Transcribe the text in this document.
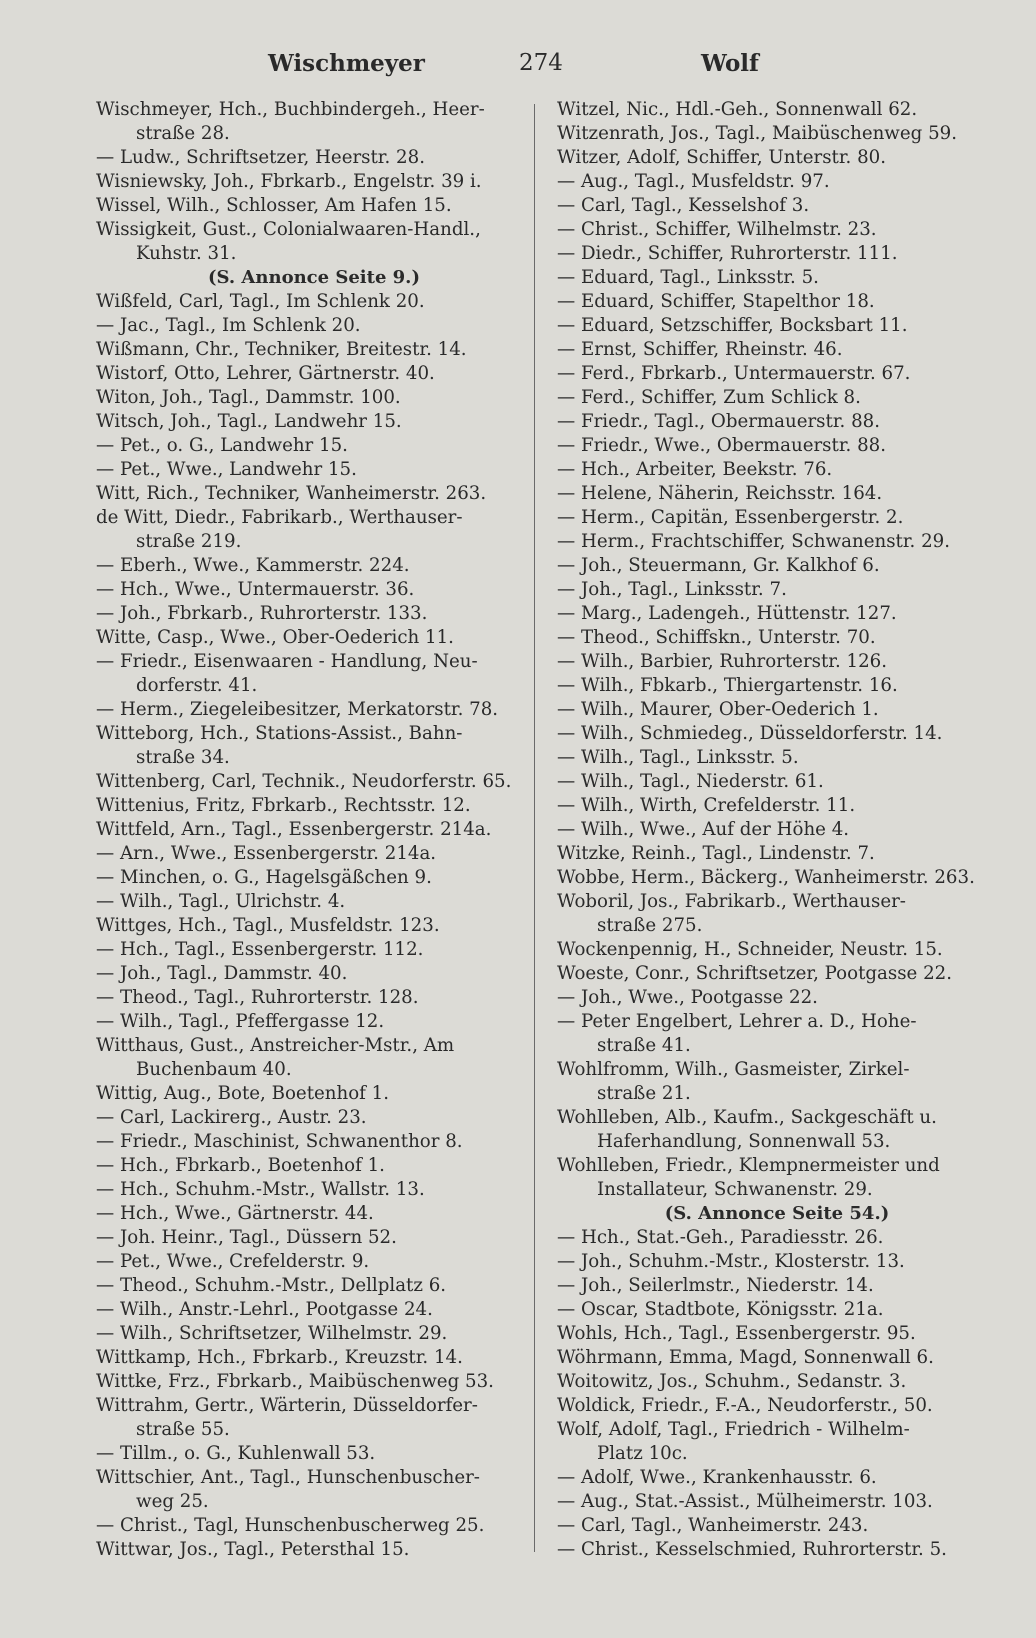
Wischmeyer	274	Wolf
Wischmeyer, Hch., Buchbindergeh., Heer-
straße 28.
— Ludw., Schriftsetzer, Heerstr. 28.
Wisniewsky, Joh., Fbrkarb., Engelstr. 39 i.
Wissel, Wilh., Schlosser, Am Hafen 15.
Wissigkeit, Gust., Colonialwaaren-Handl.,
Kuhstr. 31.
(S. Annonce Seite 9.)
Wißfeld, Carl, Tagl., Im Schlenk 20.
— Jac., Tagl., Im Schlenk 20.
Wißmann, Chr., Techniker, Breitestr. 14.
Wistorf, Otto, Lehrer, Gärtnerstr. 40.
Witon, Joh., Tagl., Dammstr. 100.
Witsch, Joh., Tagl., Landwehr 15.
— Pet., o. G., Landwehr 15.
— Pet., Wwe., Landwehr 15.
Witt, Rich., Techniker, Wanheimerstr. 263.
de Witt, Diedr., Fabrikarb., Werthauser-
straße 219.
— Eberh., Wwe., Kammerstr. 224.
— Hch., Wwe., Untermauerstr. 36.
— Joh., Fbrkarb., Ruhrorterstr. 133.
Witte, Casp., Wwe., Ober-Oederich 11.
— Friedr., Eisenwaaren - Handlung, Neu-
dorferstr. 41.
— Herm., Ziegeleibesitzer, Merkatorstr. 78.
Witteborg, Hch., Stations-Assist., Bahn-
straße 34.
Wittenberg, Carl, Technik., Neudorferstr. 65.
Wittenius, Fritz, Fbrkarb., Rechtsstr. 12.
Wittfeld, Arn., Tagl., Essenbergerstr. 214a.
— Arn., Wwe., Essenbergerstr. 214a.
— Minchen, o. G., Hagelsgäßchen 9.
— Wilh., Tagl., Ulrichstr. 4.
Wittges, Hch., Tagl., Musfeldstr. 123.
— Hch., Tagl., Essenbergerstr. 112.
— Joh., Tagl., Dammstr. 40.
— Theod., Tagl., Ruhrorterstr. 128.
— Wilh., Tagl., Pfeffergasse 12.
Witthaus, Gust., Anstreicher-Mstr., Am
Buchenbaum 40.
Wittig, Aug., Bote, Boetenhof 1.
— Carl, Lackirerg., Austr. 23.
— Friedr., Maschinist, Schwanenthor 8.
— Hch., Fbrkarb., Boetenhof 1.
— Hch., Schuhm.-Mstr., Wallstr. 13.
— Hch., Wwe., Gärtnerstr. 44.
— Joh. Heinr., Tagl., Düssern 52.
— Pet., Wwe., Crefelderstr. 9.
— Theod., Schuhm.-Mstr., Dellplatz 6.
— Wilh., Anstr.-Lehrl., Pootgasse 24.
— Wilh., Schriftsetzer, Wilhelmstr. 29.
Wittkamp, Hch., Fbrkarb., Kreuzstr. 14.
Wittke, Frz., Fbrkarb., Maibüschenweg 53.
Wittrahm, Gertr., Wärterin, Düsseldorfer-
straße 55.
— Tillm., o. G., Kuhlenwall 53.
Wittschier, Ant., Tagl., Hunschenbuscher-
weg 25.
— Christ., Tagl, Hunschenbuscherweg 25.
Wittwar, Jos., Tagl., Petersthal 15.
Witzel, Nic., Hdl.-Geh., Sonnenwall 62.
Witzenrath, Jos., Tagl., Maibüschenweg 59.
Witzer, Adolf, Schiffer, Unterstr. 80.
— Aug., Tagl., Musfeldstr. 97.
— Carl, Tagl., Kesselshof 3.
— Christ., Schiffer, Wilhelmstr. 23.
— Diedr., Schiffer, Ruhrorterstr. 111.
— Eduard, Tagl., Linksstr. 5.
— Eduard, Schiffer, Stapelthor 18.
— Eduard, Setzschiffer, Bocksbart 11.
— Ernst, Schiffer, Rheinstr. 46.
— Ferd., Fbrkarb., Untermauerstr. 67.
— Ferd., Schiffer, Zum Schlick 8.
— Friedr., Tagl., Obermauerstr. 88.
— Friedr., Wwe., Obermauerstr. 88.
— Hch., Arbeiter, Beekstr. 76.
— Helene, Näherin, Reichsstr. 164.
— Herm., Capitän, Essenbergerstr. 2.
— Herm., Frachtschiffer, Schwanenstr. 29.
— Joh., Steuermann, Gr. Kalkhof 6.
— Joh., Tagl., Linksstr. 7.
— Marg., Ladengeh., Hüttenstr. 127.
— Theod., Schiffskn., Unterstr. 70.
— Wilh., Barbier, Ruhrorterstr. 126.
— Wilh., Fbkarb., Thiergartenstr. 16.
— Wilh., Maurer, Ober-Oederich 1.
— Wilh., Schmiedeg., Düsseldorferstr. 14.
— Wilh., Tagl., Linksstr. 5.
— Wilh., Tagl., Niederstr. 61.
— Wilh., Wirth, Crefelderstr. 11.
— Wilh., Wwe., Auf der Höhe 4.
Witzke, Reinh., Tagl., Lindenstr. 7.
Wobbe, Herm., Bäckerg., Wanheimerstr. 263.
Woboril, Jos., Fabrikarb., Werthauser-
straße 275.
Wockenpennig, H., Schneider, Neustr. 15.
Woeste, Conr., Schriftsetzer, Pootgasse 22.
— Joh., Wwe., Pootgasse 22.
— Peter Engelbert, Lehrer a. D., Hohe-
straße 41.
Wohlfromm, Wilh., Gasmeister, Zirkel-
straße 21.
Wohlleben, Alb., Kaufm., Sackgeschäft u.
Haferhandlung, Sonnenwall 53.
Wohlleben, Friedr., Klempnermeister und
Installateur, Schwanenstr. 29.
(S. Annonce Seite 54.)
— Hch., Stat.-Geh., Paradiesstr. 26.
— Joh., Schuhm.-Mstr., Klosterstr. 13.
— Joh., Seilerlmstr., Niederstr. 14.
— Oscar, Stadtbote, Königsstr. 21a.
Wohls, Hch., Tagl., Essenbergerstr. 95.
Wöhrmann, Emma, Magd, Sonnenwall 6.
Woitowitz, Jos., Schuhm., Sedanstr. 3.
Woldick, Friedr., F.-A., Neudorferstr., 50.
Wolf, Adolf, Tagl., Friedrich - Wilhelm-
Platz 10c.
— Adolf, Wwe., Krankenhausstr. 6.
— Aug., Stat.-Assist., Mülheimerstr. 103.
— Carl, Tagl., Wanheimerstr. 243.
— Christ., Kesselschmied, Ruhrorterstr. 5.
